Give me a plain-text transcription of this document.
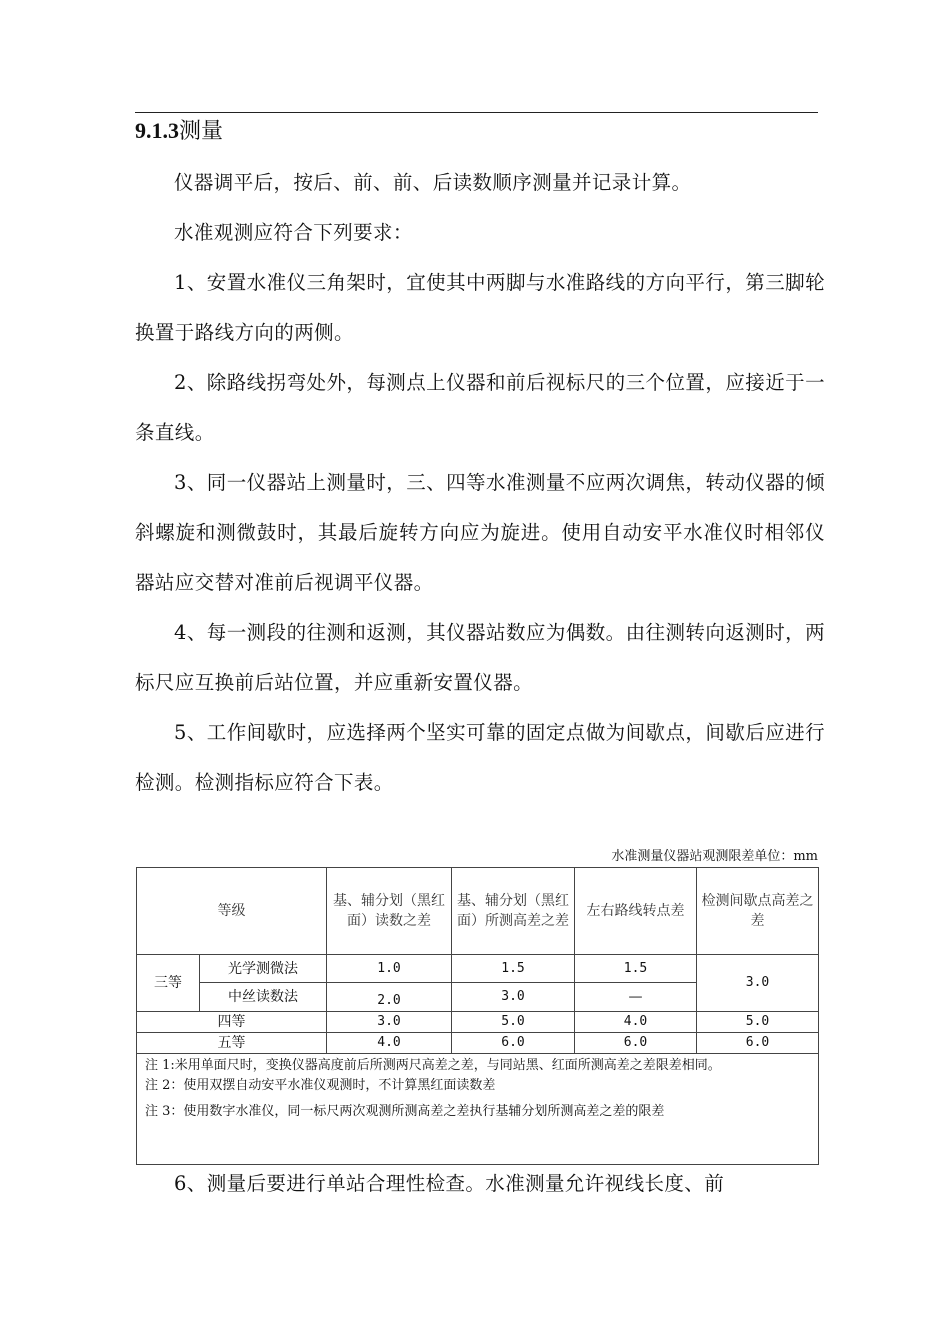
9.1.3测量

仪器调平后，按后、前、前、后读数顺序测量并记录计算。

水准观测应符合下列要求：

1、安置水准仪三角架时，宜使其中两脚与水准路线的方向平行，第三脚轮换置于路线方向的两侧。

2、除路线拐弯处外，每测点上仪器和前后视标尺的三个位置，应接近于一条直线。

3、同一仪器站上测量时，三、四等水准测量不应两次调焦，转动仪器的倾斜螺旋和测微鼓时，其最后旋转方向应为旋进。使用自动安平水准仪时相邻仪器站应交替对准前后视调平仪器。

4、每一测段的往测和返测，其仪器站数应为偶数。由往测转向返测时，两标尺应互换前后站位置，并应重新安置仪器。

5、工作间歇时，应选择两个坚实可靠的固定点做为间歇点，间歇后应进行检测。检测指标应符合下表。

水准测量仪器站观测限差单位：mm
等级		基、辅分划（黑红面）读数之差	基、辅分划（黑红面）所测高差之差	左右路线转点差	检测间歇点高差之差
三等	光学测微法	1.0	1.5	1.5	3.0
	中丝读数法	2.0	3.0	—	
四等		3.0	5.0	4.0	5.0
五等		4.0	6.0	6.0	6.0

注 1:米用单面尺时，变换仪器高度前后所测两尺高差之差，与同站黑、红面所测高差之差限差相同。

注 2：使用双摆自动安平水准仪观测时，不计算黑红面读数差

注 3：使用数字水准仪，同一标尺两次观测所测高差之差执行基辅分划所测高差之差的限差					

6、测量后要进行单站合理性检查。水准测量允许视线长度、前
